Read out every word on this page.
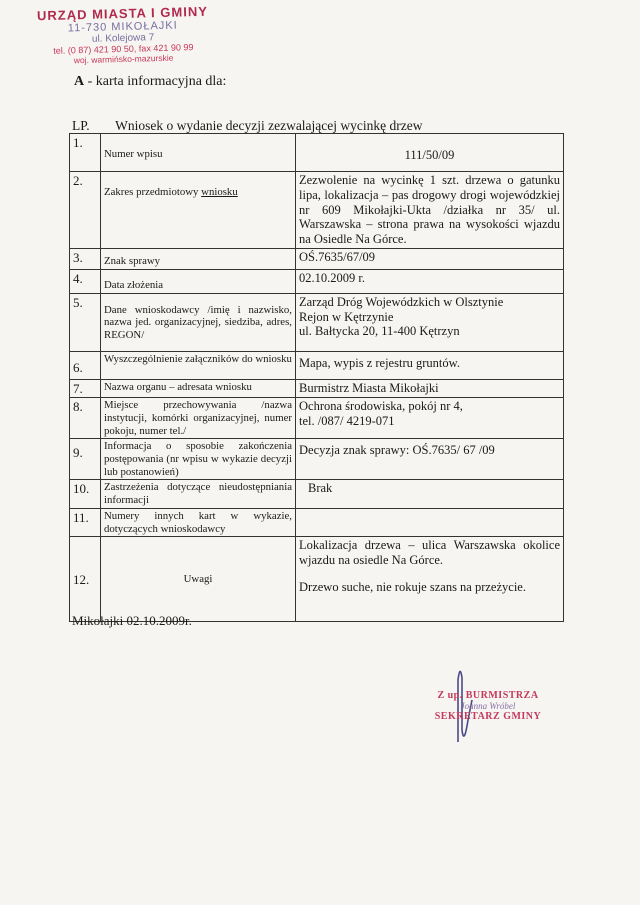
URZĄD MIASTA I GMINY
11-730 MIKOŁAJKI
ul. Kolejowa 7
tel. (0 87) 421 90 50, fax 421 90 99
woj. warmińsko-mazurskie
A - karta informacyjna dla:
LP. Wniosek o wydanie decyzji zezwalającej wycinkę drzew
1.	Numer wpisu	111/50/09
2.	Zakres przedmiotowy wniosku	Zezwolenie na wycinkę 1 szt. drzewa o gatunku lipa, lokalizacja – pas drogowy drogi wojewódzkiej nr 609 Mikołajki-Ukta /działka nr 35/ ul. Warszawska – strona prawa na wysokości wjazdu na Osiedle Na Górce.
3.	Znak sprawy	OŚ.7635/67/09
4.	Data złożenia	02.10.2009 r.
5.	Dane wnioskodawcy /imię i nazwisko, nazwa jed. organizacyjnej, siedziba, adres, REGON/	Zarząd Dróg Wojewódzkich w Olsztynie
Rejon w Kętrzynie
ul. Bałtycka 20, 11-400 Kętrzyn

6.	Wyszczególnienie załączników do wniosku	Mapa, wypis z rejestru gruntów.
7.	Nazwa organu – adresata wniosku	Burmistrz Miasta Mikołajki
8.	Miejsce przechowywania /nazwa instytucji, komórki organizacyjnej, numer pokoju, numer tel./	Ochrona środowiska, pokój nr 4,
tel. /087/ 4219-071

9.	Informacja o sposobie zakończenia postępowania (nr wpisu w wykazie decyzji lub postanowień)	Decyzja znak sprawy: OŚ.7635/ 67 /09
10.	Zastrzeżenia dotyczące nieudostępniania informacji	Brak
11.	Numery innych kart w wykazie, dotyczących wnioskodawcy	
12.	Uwagi	Lokalizacja drzewa – ulica Warszawska okolice wjazdu na osiedle Na Górce.
Drzewo suche, nie rokuje szans na przeżycie.
Mikołajki 02.10.2009r.
Z up. BURMISTRZA
Joanna Wróbel
SEKRETARZ GMINY
